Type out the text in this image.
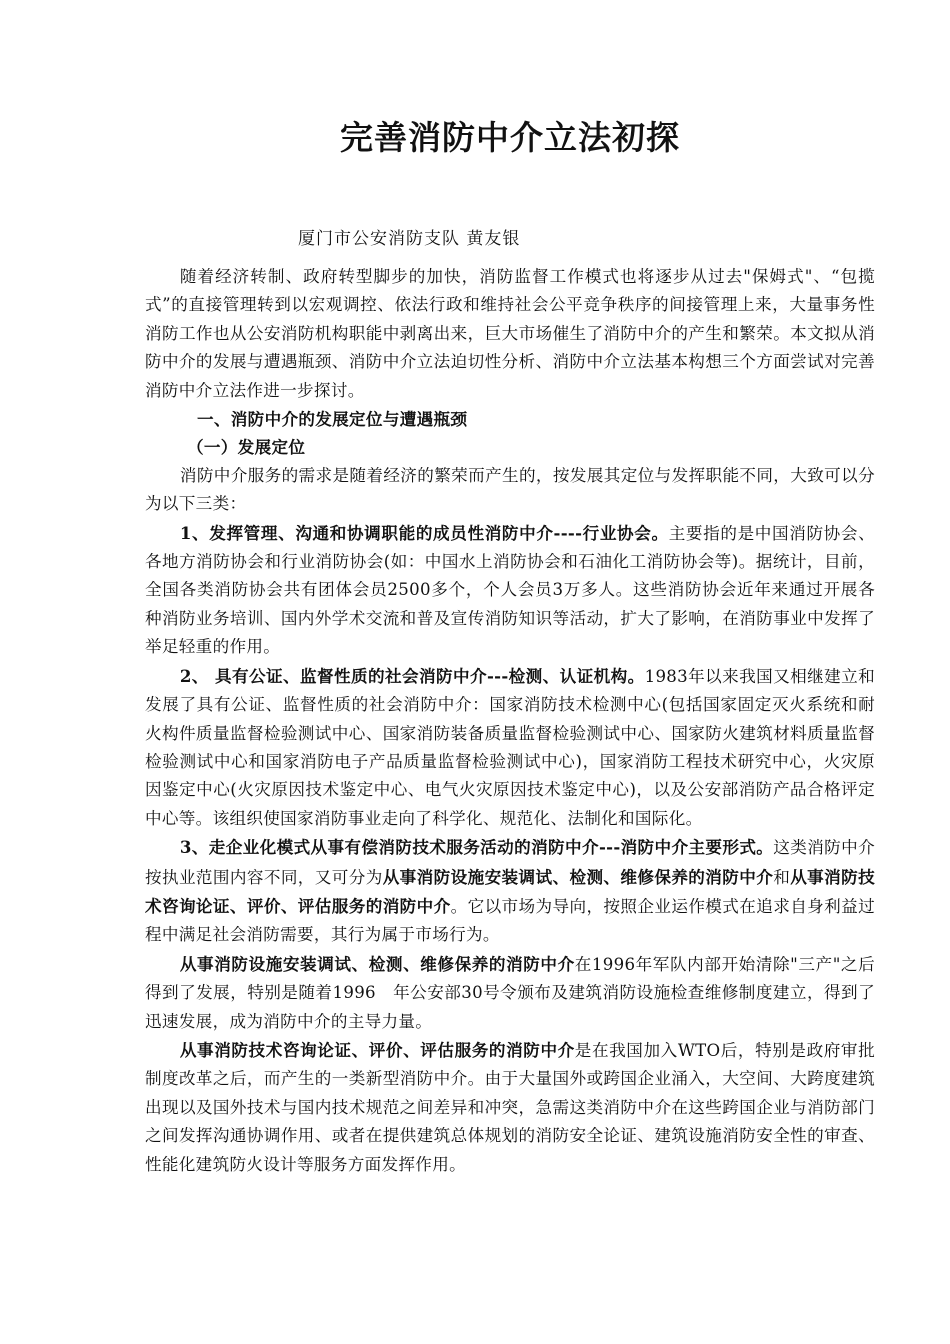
完善消防中介立法初探
厦门市公安消防支队 黄友银

随着经济转制、政府转型脚步的加快，消防监督工作模式也将逐步从过去"保姆式"、“包揽式”的直接管理转到以宏观调控、依法行政和维持社会公平竞争秩序的间接管理上来，大量事务性消防工作也从公安消防机构职能中剥离出来，巨大市场催生了消防中介的产生和繁荣。本文拟从消防中介的发展与遭遇瓶颈、消防中介立法迫切性分析、消防中介立法基本构想三个方面尝试对完善消防中介立法作进一步探讨。

一、消防中介的发展定位与遭遇瓶颈

（一）发展定位

消防中介服务的需求是随着经济的繁荣而产生的，按发展其定位与发挥职能不同，大致可以分为以下三类：

1、发挥管理、沟通和协调职能的成员性消防中介----行业协会。主要指的是中国消防协会、各地方消防协会和行业消防协会(如：中国水上消防协会和石油化工消防协会等)。据统计，目前，全国各类消防协会共有团体会员2500多个，个人会员3万多人。这些消防协会近年来通过开展各种消防业务培训、国内外学术交流和普及宣传消防知识等活动，扩大了影响，在消防事业中发挥了举足轻重的作用。

2、 具有公证、监督性质的社会消防中介---检测、认证机构。1983年以来我国又相继建立和发展了具有公证、监督性质的社会消防中介：国家消防技术检测中心(包括国家固定灭火系统和耐火构件质量监督检验测试中心、国家消防装备质量监督检验测试中心、国家防火建筑材料质量监督检验测试中心和国家消防电子产品质量监督检验测试中心)，国家消防工程技术研究中心，火灾原因鉴定中心(火灾原因技术鉴定中心、电气火灾原因技术鉴定中心)，以及公安部消防产品合格评定中心等。该组织使国家消防事业走向了科学化、规范化、法制化和国际化。

3、走企业化模式从事有偿消防技术服务活动的消防中介---消防中介主要形式。这类消防中介按执业范围内容不同，又可分为从事消防设施安装调试、检测、维修保养的消防中介和从事消防技术咨询论证、评价、评估服务的消防中介。它以市场为导向，按照企业运作模式在追求自身利益过程中满足社会消防需要，其行为属于市场行为。

从事消防设施安装调试、检测、维修保养的消防中介在1996年军队内部开始清除"三产"之后得到了发展，特别是随着1996　年公安部30号令颁布及建筑消防设施检查维修制度建立，得到了迅速发展，成为消防中介的主导力量。

从事消防技术咨询论证、评价、评估服务的消防中介是在我国加入WTO后，特别是政府审批制度改革之后，而产生的一类新型消防中介。由于大量国外或跨国企业涌入，大空间、大跨度建筑出现以及国外技术与国内技术规范之间差异和冲突，急需这类消防中介在这些跨国企业与消防部门之间发挥沟通协调作用、或者在提供建筑总体规划的消防安全论证、建筑设施消防安全性的审查、性能化建筑防火设计等服务方面发挥作用。
